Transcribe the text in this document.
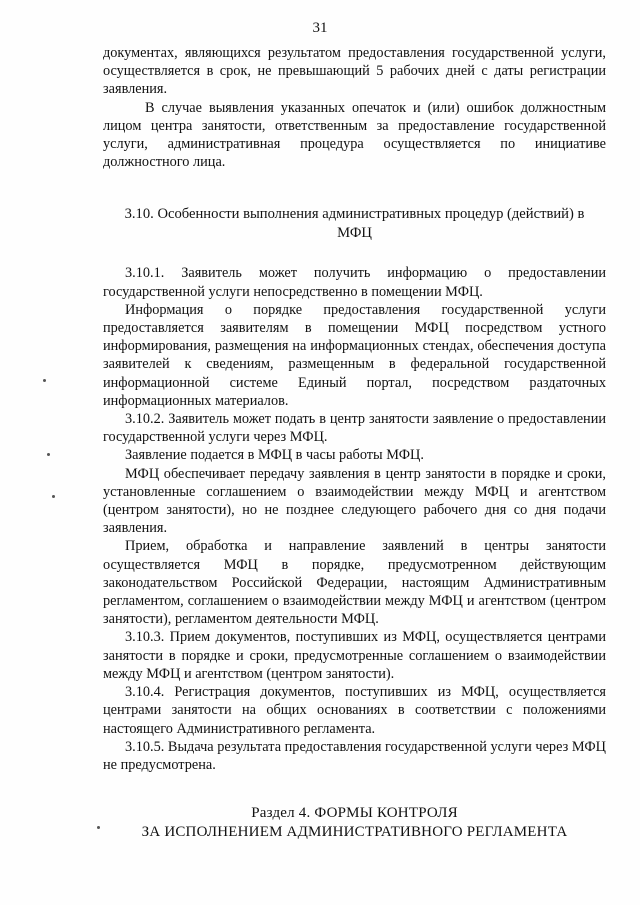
31

документах, являющихся результатом предоставления государственной услуги, осуществляется в срок, не превышающий 5 рабочих дней с даты регистрации заявления.

В случае выявления указанных опечаток и (или) ошибок должностным лицом центра занятости, ответственным за предоставление государственной услуги, административная процедура осуществляется по инициативе должностного лица.

3.10. Особенности выполнения административных процедур (действий) в МФЦ

3.10.1. Заявитель может получить информацию о предоставлении государственной услуги непосредственно в помещении МФЦ.

Информация о порядке предоставления государственной услуги предоставляется заявителям в помещении МФЦ посредством устного информирования, размещения на информационных стендах, обеспечения доступа заявителей к сведениям, размещенным в федеральной государственной информационной системе Единый портал, посредством раздаточных информационных материалов.

3.10.2. Заявитель может подать в центр занятости заявление о предоставлении государственной услуги через МФЦ.

Заявление подается в МФЦ в часы работы МФЦ.

МФЦ обеспечивает передачу заявления в центр занятости в порядке и сроки, установленные соглашением о взаимодействии между МФЦ и агентством (центром занятости), но не позднее следующего рабочего дня со дня подачи заявления.

Прием, обработка и направление заявлений в центры занятости осуществляется МФЦ в порядке, предусмотренном действующим законодательством Российской Федерации, настоящим Административным регламентом, соглашением о взаимодействии между МФЦ и агентством (центром занятости), регламентом деятельности МФЦ.

3.10.3. Прием документов, поступивших из МФЦ, осуществляется центрами занятости в порядке и сроки, предусмотренные соглашением о взаимодействии между МФЦ и агентством (центром занятости).

3.10.4. Регистрация документов, поступивших из МФЦ, осуществляется центрами занятости на общих основаниях в соответствии с положениями настоящего Административного регламента.

3.10.5. Выдача результата предоставления государственной услуги через МФЦ не предусмотрена.

Раздел 4. ФОРМЫ КОНТРОЛЯ

ЗА ИСПОЛНЕНИЕМ АДМИНИСТРАТИВНОГО РЕГЛАМЕНТА
